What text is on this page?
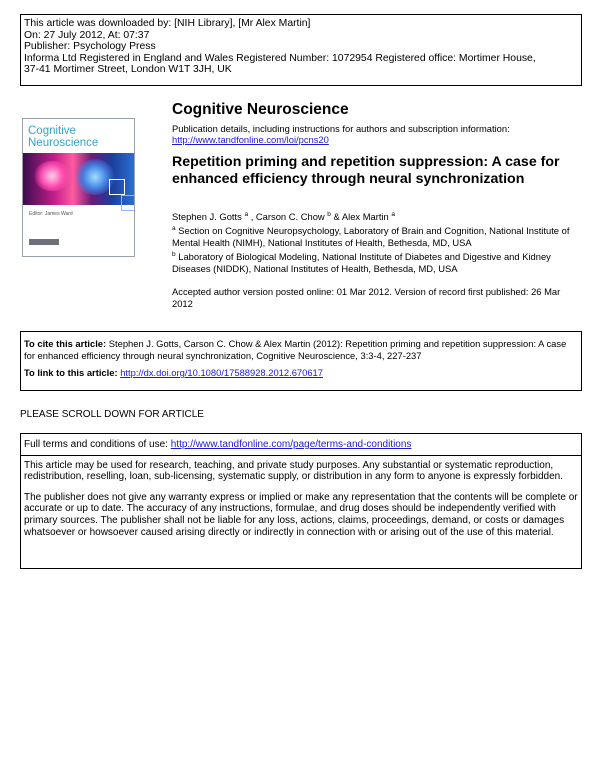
This article was downloaded by: [NIH Library], [Mr Alex Martin]
On: 27 July 2012, At: 07:37
Publisher: Psychology Press
Informa Ltd Registered in England and Wales Registered Number: 1072954 Registered office: Mortimer House,
37-41 Mortimer Street, London W1T 3JH, UK
Cognitive
Neuroscience
Editor: James Ward
Cognitive Neuroscience
Publication details, including instructions for authors and subscription information:
http://www.tandfonline.com/loi/pcns20
Repetition priming and repetition suppression: A case for enhanced efficiency through neural synchronization
Stephen J. Gotts $^a$ , Carson C. Chow $^b$ & Alex Martin $^a$
$^a$ Section on Cognitive Neuropsychology, Laboratory of Brain and Cognition, National Institute of Mental Health (NIMH), National Institutes of Health, Bethesda, MD, USA
$^b$ Laboratory of Biological Modeling, National Institute of Diabetes and Digestive and Kidney Diseases (NIDDK), National Institutes of Health, Bethesda, MD, USA
Accepted author version posted online: 01 Mar 2012. Version of record first published: 26 Mar 2012
To cite this article: Stephen J. Gotts, Carson C. Chow & Alex Martin (2012): Repetition priming and repetition suppression: A case for enhanced efficiency through neural synchronization, Cognitive Neuroscience, 3:3-4, 227-237
To link to this article: http://dx.doi.org/10.1080/17588928.2012.670617
PLEASE SCROLL DOWN FOR ARTICLE
Full terms and conditions of use: http://www.tandfonline.com/page/terms-and-conditions

This article may be used for research, teaching, and private study purposes. Any substantial or systematic reproduction, redistribution, reselling, loan, sub-licensing, systematic supply, or distribution in any form to anyone is expressly forbidden.

The publisher does not give any warranty express or implied or make any representation that the contents will be complete or accurate or up to date. The accuracy of any instructions, formulae, and drug doses should be independently verified with primary sources. The publisher shall not be liable for any loss, actions, claims, proceedings, demand, or costs or damages whatsoever or howsoever caused arising directly or indirectly in connection with or arising out of the use of this material.
